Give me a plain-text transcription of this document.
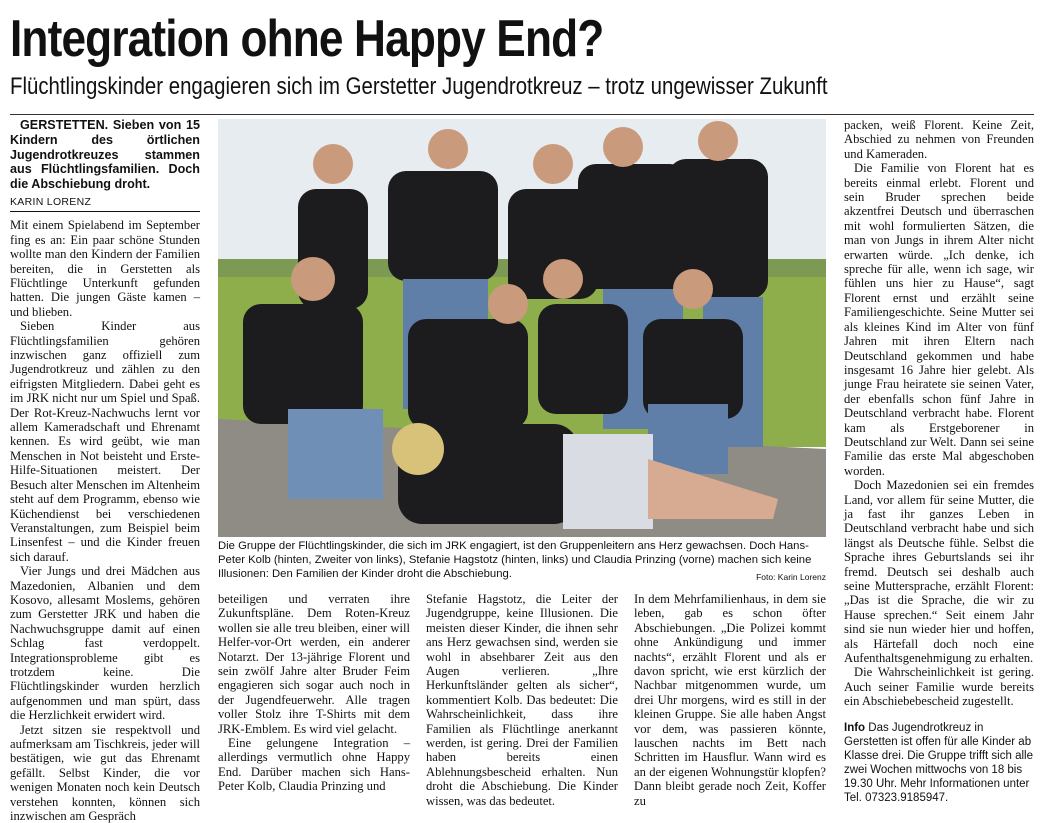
Integration ohne Happy End?
Flüchtlingskinder engagieren sich im Gerstetter Jugendrotkreuz – trotz ungewisser Zukunft

GERSTETTEN. Sieben von 15 Kindern des örtlichen Jugendrotkreuzes stammen aus Flüchtlingsfamilien. Doch die Abschiebung droht.

KARIN LORENZ

Mit einem Spielabend im September fing es an: Ein paar schöne Stunden wollte man den Kindern der Familien bereiten, die in Gerstetten als Flüchtlinge Unterkunft gefunden hatten. Die jungen Gäste kamen – und blieben.

Sieben Kinder aus Flüchtlingsfamilien gehören inzwischen ganz offiziell zum Jugendrotkreuz und zählen zu den eifrigsten Mitgliedern. Dabei geht es im JRK nicht nur um Spiel und Spaß. Der Rot-Kreuz-Nachwuchs lernt vor allem Kameradschaft und Ehrenamt kennen. Es wird geübt, wie man Menschen in Not beisteht und Erste-Hilfe-Situationen meistert. Der Besuch alter Menschen im Altenheim steht auf dem Programm, ebenso wie Küchendienst bei verschiedenen Veranstaltungen, zum Beispiel beim Linsenfest – und die Kinder freuen sich darauf.

Vier Jungs und drei Mädchen aus Mazedonien, Albanien und dem Kosovo, allesamt Moslems, gehören zum Gerstetter JRK und haben die Nachwuchsgruppe damit auf einen Schlag fast verdoppelt. Integrationsprobleme gibt es trotzdem keine. Die Flüchtlingskinder wurden herzlich aufgenommen und man spürt, dass die Herzlichkeit erwidert wird.

Jetzt sitzen sie respektvoll und aufmerksam am Tischkreis, jeder will bestätigen, wie gut das Ehrenamt gefällt. Selbst Kinder, die vor wenigen Monaten noch kein Deutsch verstehen konnten, können sich inzwischen am Gespräch

Die Gruppe der Flüchtlingskinder, die sich im JRK engagiert, ist den Gruppenleitern ans Herz gewachsen. Doch Hans-Peter Kolb (hinten, Zweiter von links), Stefanie Hagstotz (hinten, links) und Claudia Prinzing (vorne) machen sich keine Illusionen: Den Familien der Kinder droht die Abschiebung.	Foto: Karin Lorenz

beteiligen und verraten ihre Zukunftspläne. Dem Roten-Kreuz wollen sie alle treu bleiben, einer will Helfer-vor-Ort werden, ein anderer Notarzt. Der 13-jährige Florent und sein zwölf Jahre alter Bruder Feim engagieren sich sogar auch noch in der Jugendfeuerwehr. Alle tragen voller Stolz ihre T-Shirts mit dem JRK-Emblem. Es wird viel gelacht.

Eine gelungene Integration – allerdings vermutlich ohne Happy End. Darüber machen sich Hans-Peter Kolb, Claudia Prinzing und

Stefanie Hagstotz, die Leiter der Jugendgruppe, keine Illusionen. Die meisten dieser Kinder, die ihnen sehr ans Herz gewachsen sind, werden sie wohl in absehbarer Zeit aus den Augen verlieren. „Ihre Herkunftsländer gelten als sicher“, kommentiert Kolb. Das bedeutet: Die Wahrscheinlichkeit, dass ihre Familien als Flüchtlinge anerkannt werden, ist gering. Drei der Familien haben bereits einen Ablehnungsbescheid erhalten. Nun droht die Abschiebung. Die Kinder wissen, was das bedeutet.

In dem Mehrfamilienhaus, in dem sie leben, gab es schon öfter Abschiebungen. „Die Polizei kommt ohne Ankündigung und immer nachts“, erzählt Florent und als er davon spricht, wie erst kürzlich der Nachbar mitgenommen wurde, um drei Uhr morgens, wird es still in der kleinen Gruppe. Sie alle haben Angst vor dem, was passieren könnte, lauschen nachts im Bett nach Schritten im Hausflur. Wann wird es an der eigenen Wohnungstür klopfen? Dann bleibt gerade noch Zeit, Koffer zu

packen, weiß Florent. Keine Zeit, Abschied zu nehmen von Freunden und Kameraden.

Die Familie von Florent hat es bereits einmal erlebt. Florent und sein Bruder sprechen beide akzentfrei Deutsch und überraschen mit wohl formulierten Sätzen, die man von Jungs in ihrem Alter nicht erwarten würde. „Ich denke, ich spreche für alle, wenn ich sage, wir fühlen uns hier zu Hause“, sagt Florent ernst und erzählt seine Familiengeschichte. Seine Mutter sei als kleines Kind im Alter von fünf Jahren mit ihren Eltern nach Deutschland gekommen und habe insgesamt 16 Jahre hier gelebt. Als junge Frau heiratete sie seinen Vater, der ebenfalls schon fünf Jahre in Deutschland verbracht habe. Florent kam als Erstgeborener in Deutschland zur Welt. Dann sei seine Familie das erste Mal abgeschoben worden.

Doch Mazedonien sei ein fremdes Land, vor allem für seine Mutter, die ja fast ihr ganzes Leben in Deutschland verbracht habe und sich längst als Deutsche fühle. Selbst die Sprache ihres Geburtslands sei ihr fremd. Deutsch sei deshalb auch seine Muttersprache, erzählt Florent: „Das ist die Sprache, die wir zu Hause sprechen.“ Seit einem Jahr sind sie nun wieder hier und hoffen, als Härtefall doch noch eine Aufenthaltsgenehmigung zu erhalten.

Die Wahrscheinlichkeit ist gering. Auch seiner Familie wurde bereits ein Abschiebebescheid zugestellt.

Info Das Jugendrotkreuz in Gerstetten ist offen für alle Kinder ab Klasse drei. Die Gruppe trifft sich alle zwei Wochen mittwochs von 18 bis 19.30 Uhr. Mehr Informationen unter Tel. 07323.9185947.
